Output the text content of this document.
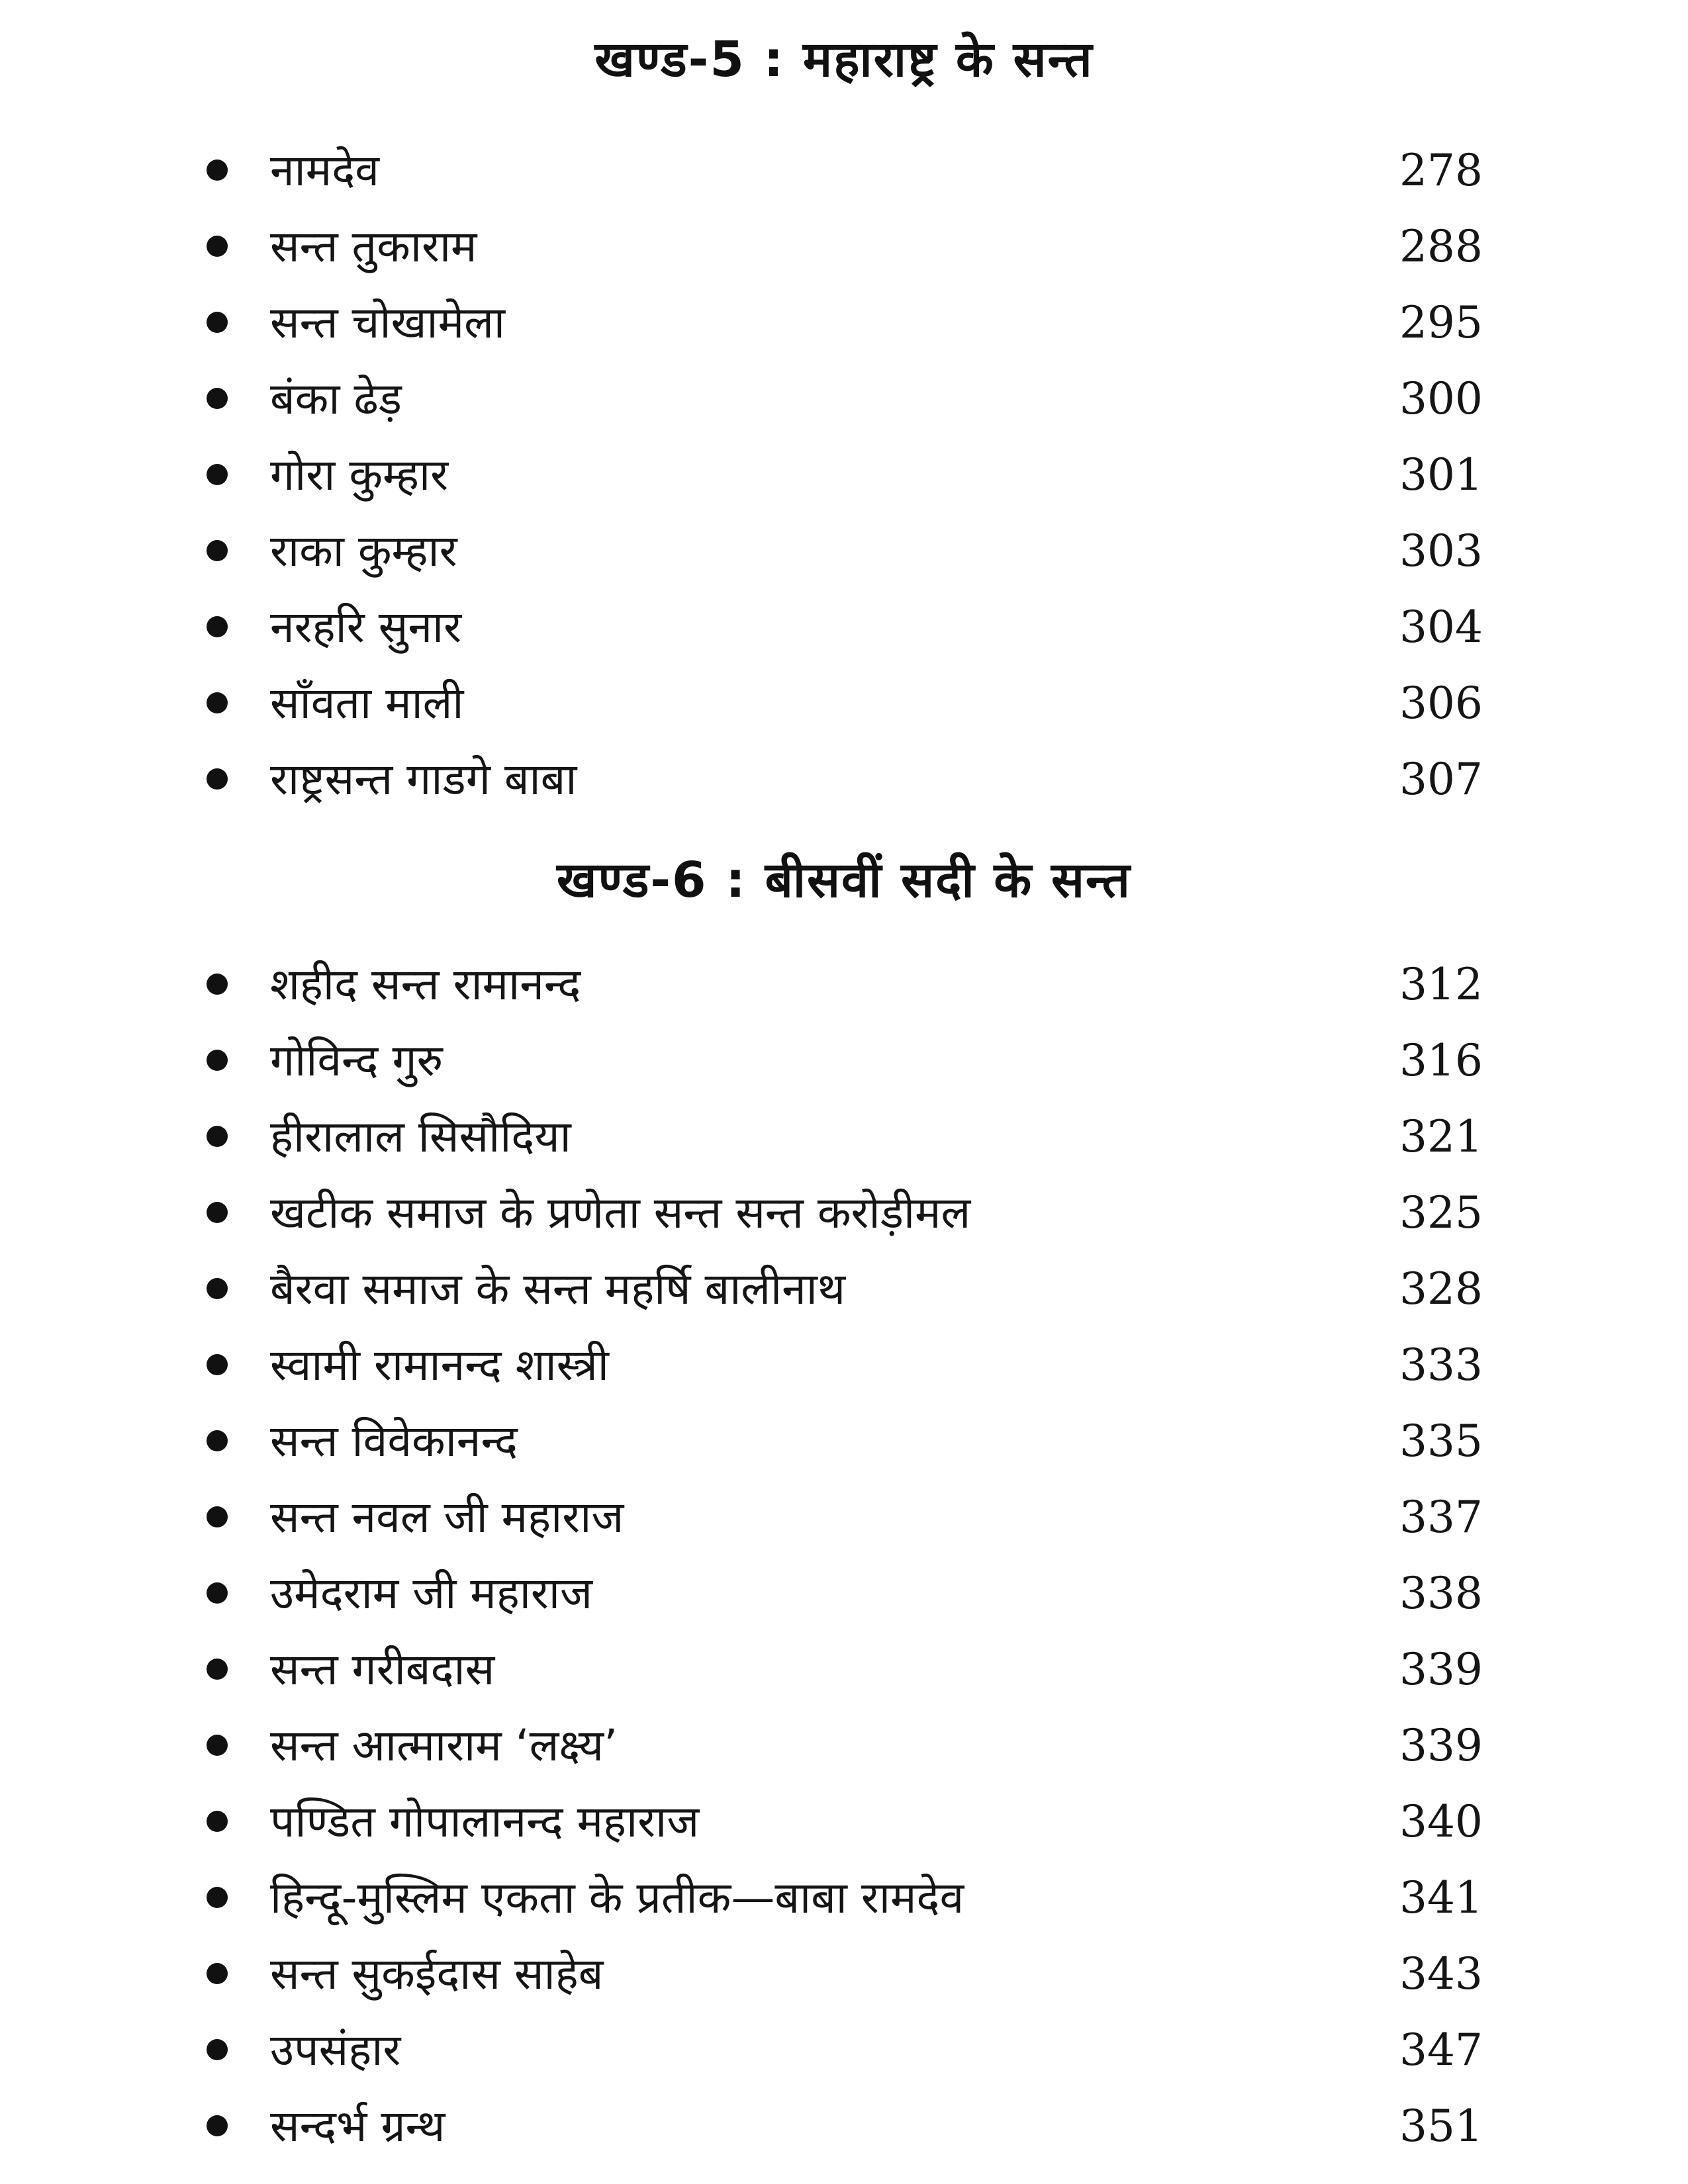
खण्ड-5 : महाराष्ट्र के सन्त
नामदेव	278
सन्त तुकाराम	288
सन्त चोखामेला	295
बंका ढेड़	300
गोरा कुम्हार	301
राका कुम्हार	303
नरहरि सुनार	304
साँवता माली	306
राष्ट्रसन्त गाडगे बाबा	307
खण्ड-6 : बीसवीं सदी के सन्त
शहीद सन्त रामानन्द	312
गोविन्द गुरु	316
हीरालाल सिसौदिया	321
खटीक समाज के प्रणेता सन्त सन्त करोड़ीमल	325
बैरवा समाज के सन्त महर्षि बालीनाथ	328
स्वामी रामानन्द शास्त्री	333
सन्त विवेकानन्द	335
सन्त नवल जी महाराज	337
उमेदराम जी महाराज	338
सन्त गरीबदास	339
सन्त आत्माराम ‘लक्ष्य’	339
पण्डित गोपालानन्द महाराज	340
हिन्दू-मुस्लिम एकता के प्रतीक—बाबा रामदेव	341
सन्त सुकईदास साहेब	343
उपसंहार	347
सन्दर्भ ग्रन्थ	351
